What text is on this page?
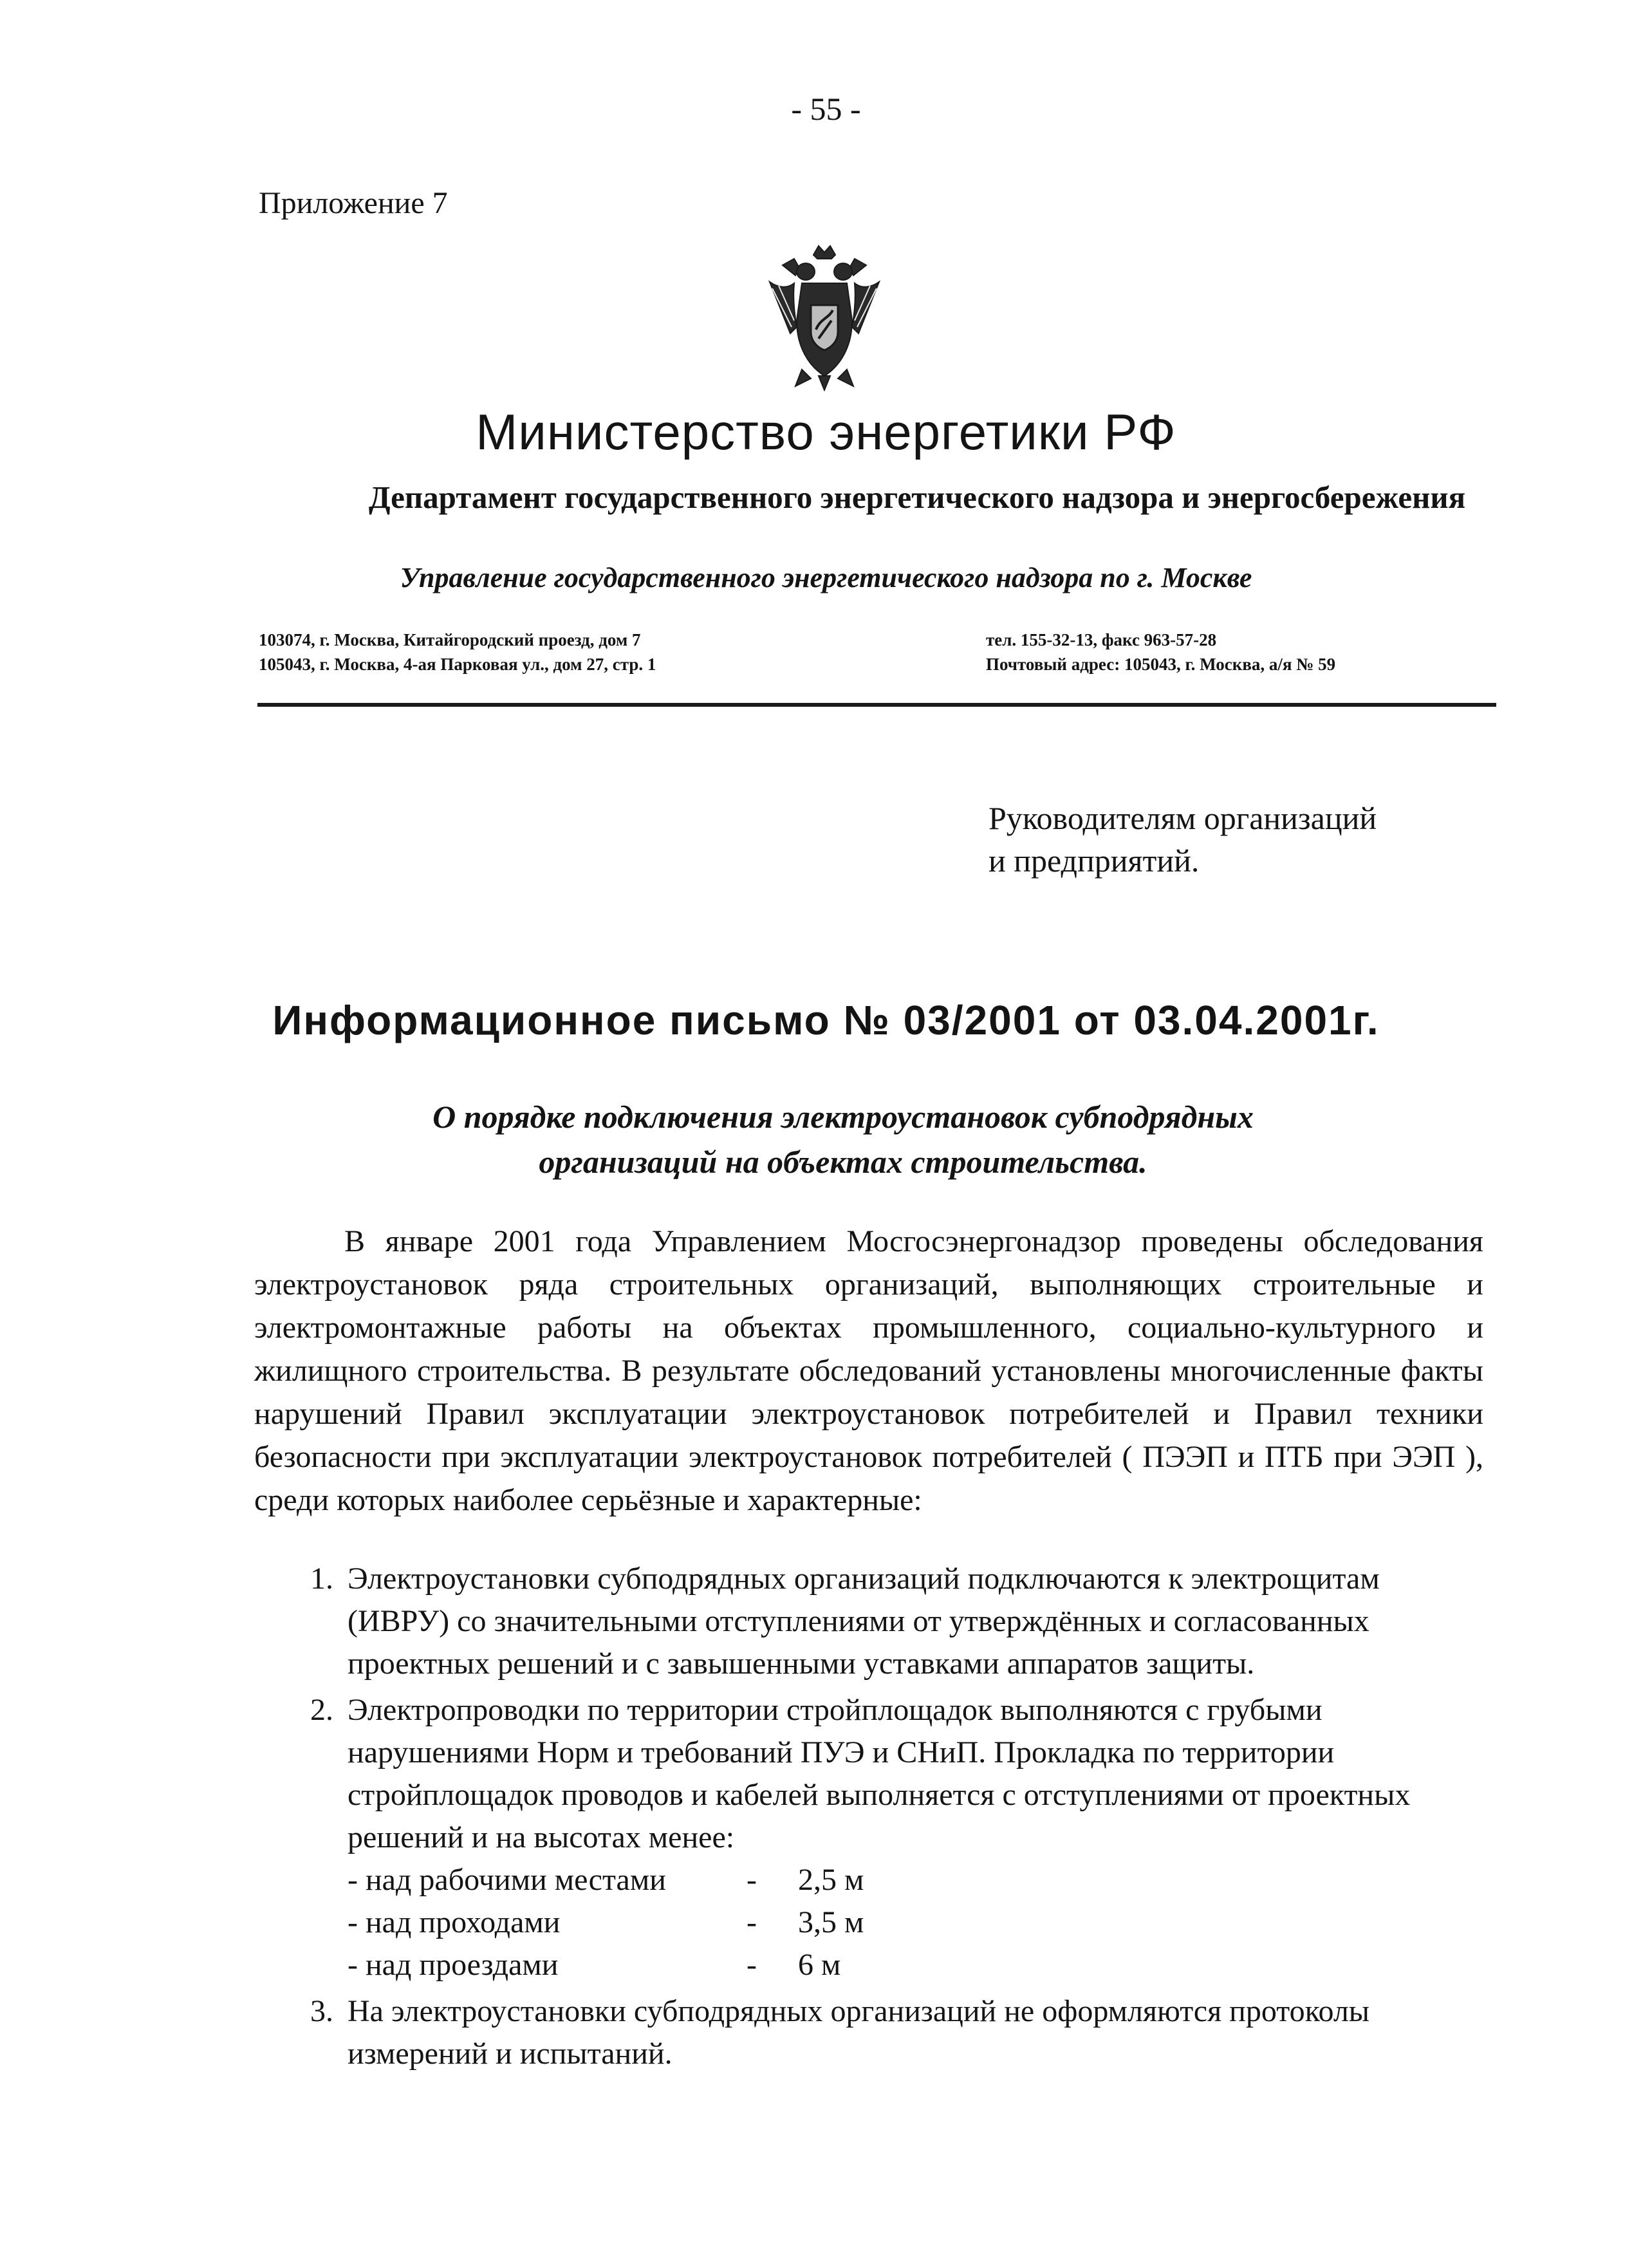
- 55 -
Приложение 7
Министерство энергетики РФ
Департамент государственного энергетического надзора и энергосбережения
Управление государственного энергетического надзора по г. Москве
103074, г. Москва, Китайгородский проезд, дом 7
105043, г. Москва, 4-ая Парковая ул., дом 27, стр. 1
тел. 155-32-13, факс 963-57-28
Почтовый адрес: 105043, г. Москва, а/я № 59
Руководителям организаций
и предприятий.
Информационное письмо № 03/2001 от 03.04.2001г.
О порядке подключения электроустановок субподрядных организаций на объектах строительства.

В январе 2001 года Управлением Мосгосэнергонадзор проведены обследования электроустановок ряда строительных организаций, выполняющих строительные и электромонтажные работы на объектах промышленного, социально-культурного и жилищного строительства. В результате обследований установлены многочисленные факты нарушений Правил эксплуатации электроустановок потребителей и Правил техники безопасности при эксплуатации электроустановок потребителей ( ПЭЭП и ПТБ при ЭЭП ), среди которых наиболее серьёзные и характерные:

1. Электроустановки субподрядных организаций подключаются к электрощитам (ИВРУ) со значительными отступлениями от утверждённых и согласованных проектных решений и с завышенными уставками аппаратов защиты.
2. Электропроводки по территории стройплощадок выполняются с грубыми нарушениями Норм и требований ПУЭ и СНиП. Прокладка по территории стройплощадок проводов и кабелей выполняется с отступлениями от проектных решений и на высотах менее:
- над рабочими местами	-	2,5 м
- над проходами	-	3,5 м
- над проездами	-	6 м
3. На электроустановки субподрядных организаций не оформляются протоколы измерений и испытаний.
